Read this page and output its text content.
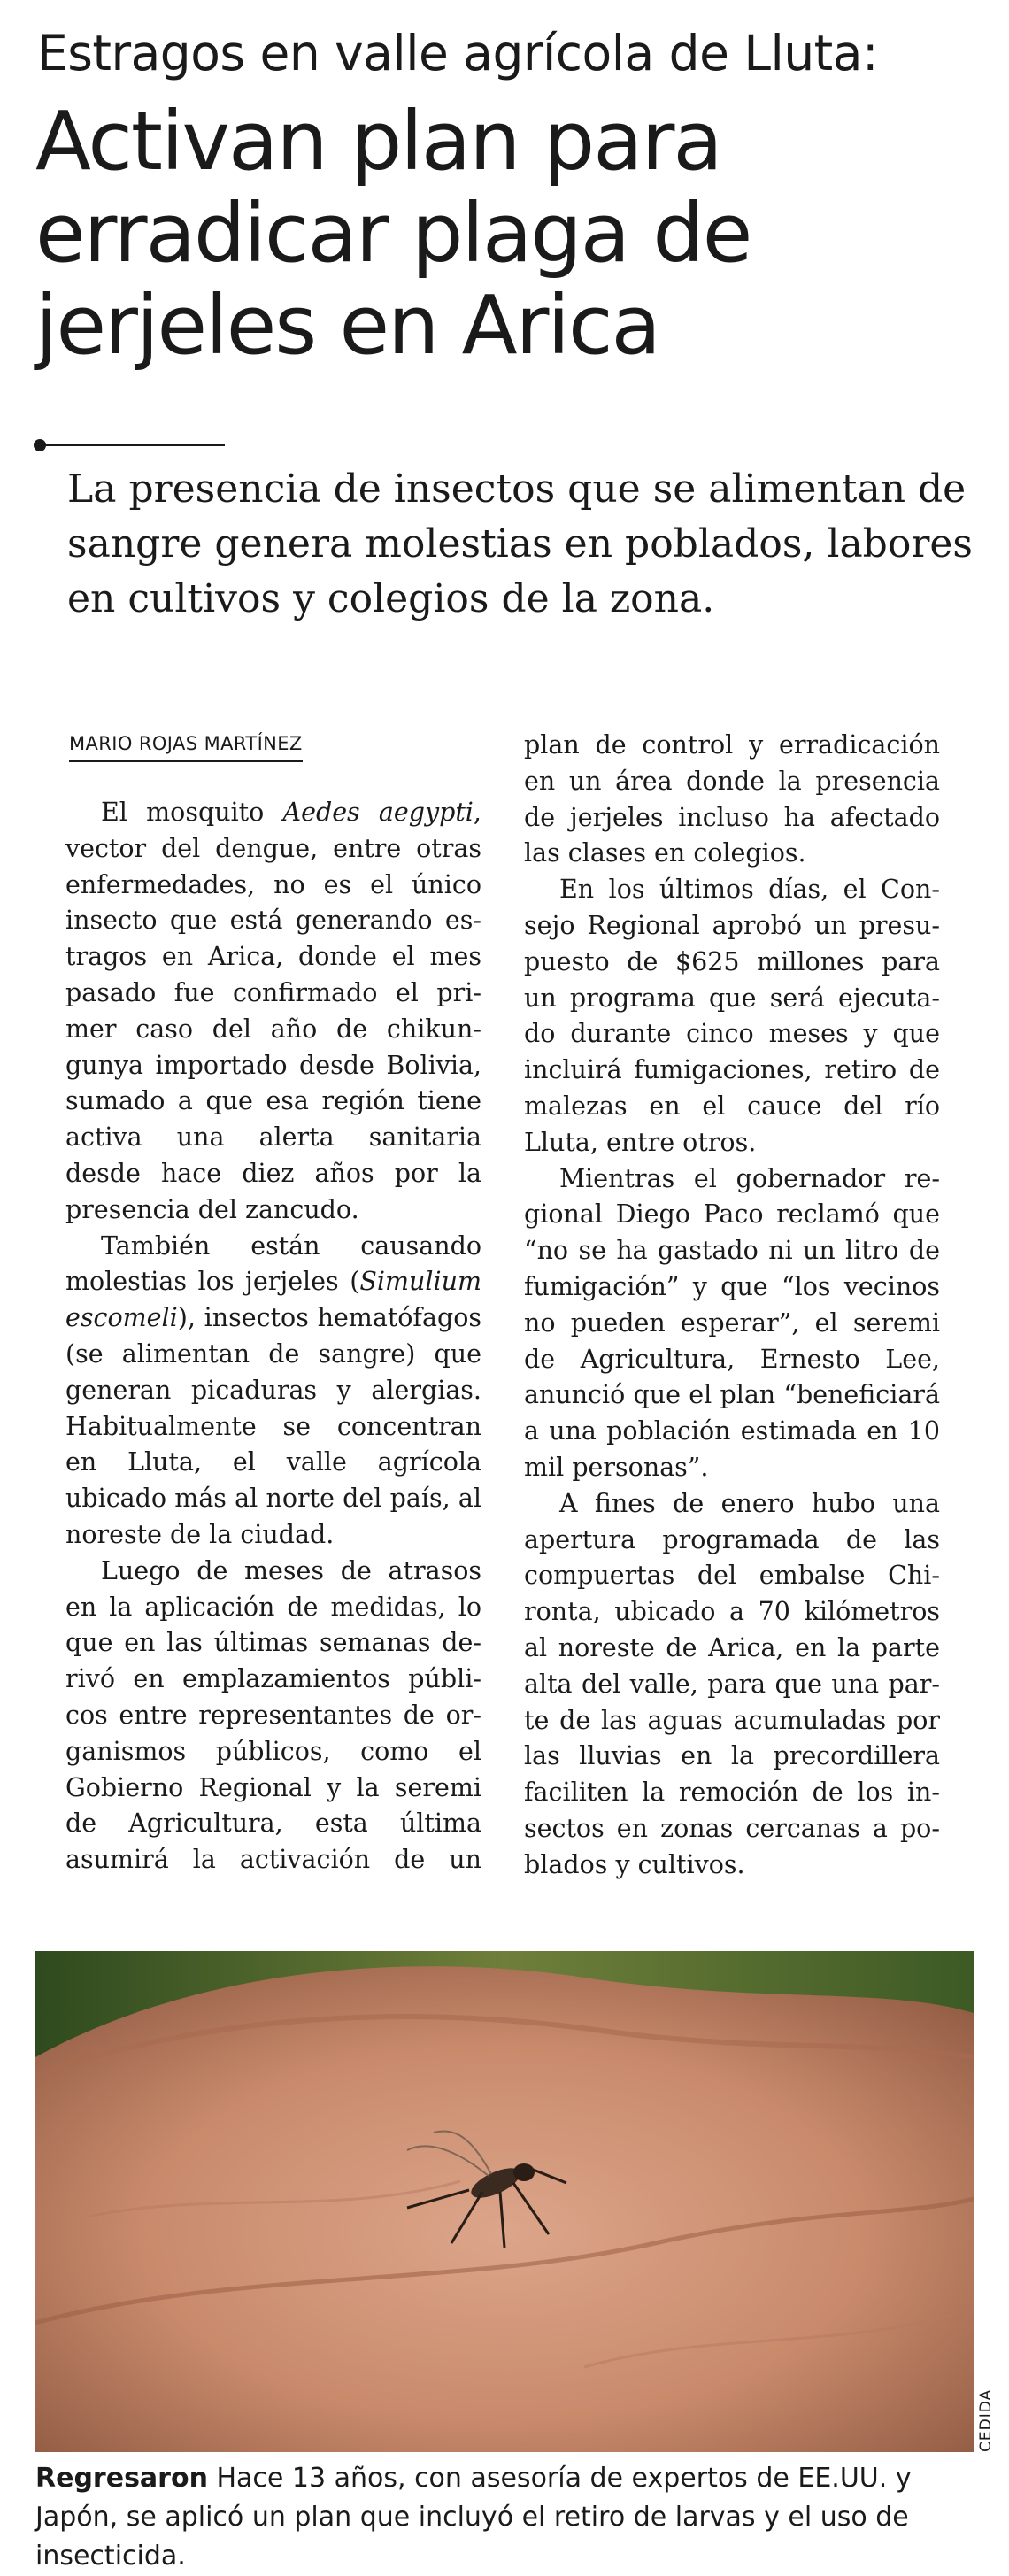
Estragos en valle agrícola de Lluta:
Activan plan para erradicar plaga de jerjeles en Arica

La presencia de insectos que se alimentan de sangre genera molestias en poblados, labores en cultivos y colegios de la zona.

MARIO ROJAS MARTÍNEZ

El mosquito Aedes aegypti, vector del dengue, entre otras enfermedades, no es el único insecto que está generando estragos en Arica, donde el mes pasado fue confirmado el primer caso del año de chikungunya importado desde Bolivia, sumado a que esa región tiene activa una alerta sanitaria desde hace diez años por la presencia del zancudo.

También están causando molestias los jerjeles (Simulium escomeli), insectos hematófagos (se alimentan de sangre) que generan picaduras y alergias. Habitualmente se concentran en Lluta, el valle agrícola ubicado más al norte del país, al noreste de la ciudad.

Luego de meses de atrasos en la aplicación de medidas, lo que en las últimas semanas derivó en emplazamientos públicos entre representantes de organismos públicos, como el Gobierno Regional y la seremi de Agricultura, esta última asumirá la activación de un

plan de control y erradicación en un área donde la presencia de jerjeles incluso ha afectado las clases en colegios.

En los últimos días, el Consejo Regional aprobó un presupuesto de $625 millones para un programa que será ejecutado durante cinco meses y que incluirá fumigaciones, retiro de malezas en el cauce del río Lluta, entre otros.

Mientras el gobernador regional Diego Paco reclamó que “no se ha gastado ni un litro de fumigación” y que “los vecinos no pueden esperar”, el seremi de Agricultura, Ernesto Lee, anunció que el plan “beneficiará a una población estimada en 10 mil personas”.

A fines de enero hubo una apertura programada de las compuertas del embalse Chironta, ubicado a 70 kilómetros al noreste de Arica, en la parte alta del valle, para que una parte de las aguas acumuladas por las lluvias en la precordillera faciliten la remoción de los insectos en zonas cercanas a poblados y cultivos.

CEDIDA
Regresaron Hace 13 años, con asesoría de expertos de EE.UU. y Japón, se aplicó un plan que incluyó el retiro de larvas y el uso de insecticida.
